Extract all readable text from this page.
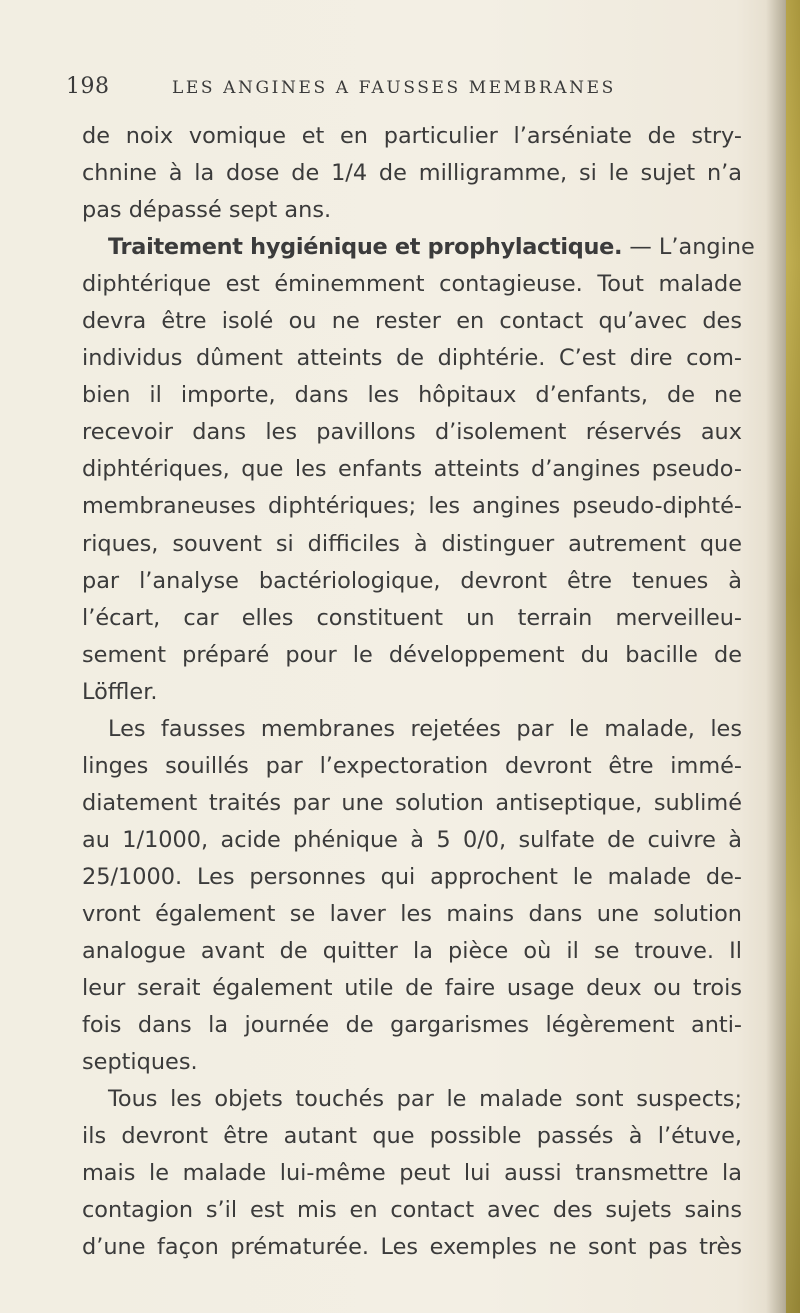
198	LES ANGINES A FAUSSES MEMBRANES
de noix vomique et en particulier l’arséniate de stry-
chnine à la dose de 1/4 de milligramme, si le sujet n’a
pas dépassé sept ans.
Traitement hygiénique et prophylactique. — L’angine
diphtérique est éminemment contagieuse. Tout malade
devra être isolé ou ne rester en contact qu’avec des
individus dûment atteints de diphtérie. C’est dire com-
bien il importe, dans les hôpitaux d’enfants, de ne
recevoir dans les pavillons d’isolement réservés aux
diphtériques, que les enfants atteints d’angines pseudo-
membraneuses diphtériques; les angines pseudo-diphté-
riques, souvent si difficiles à distinguer autrement que
par l’analyse bactériologique, devront être tenues à
l’écart, car elles constituent un terrain merveilleu-
sement préparé pour le développement du bacille de
Löffler.
Les fausses membranes rejetées par le malade, les
linges souillés par l’expectoration devront être immé-
diatement traités par une solution antiseptique, sublimé
au 1/1000, acide phénique à 5 0/0, sulfate de cuivre à
25/1000. Les personnes qui approchent le malade de-
vront également se laver les mains dans une solution
analogue avant de quitter la pièce où il se trouve. Il
leur serait également utile de faire usage deux ou trois
fois dans la journée de gargarismes légèrement anti-
septiques.
Tous les objets touchés par le malade sont suspects;
ils devront être autant que possible passés à l’étuve,
mais le malade lui-même peut lui aussi transmettre la
contagion s’il est mis en contact avec des sujets sains
d’une façon prématurée. Les exemples ne sont pas très
